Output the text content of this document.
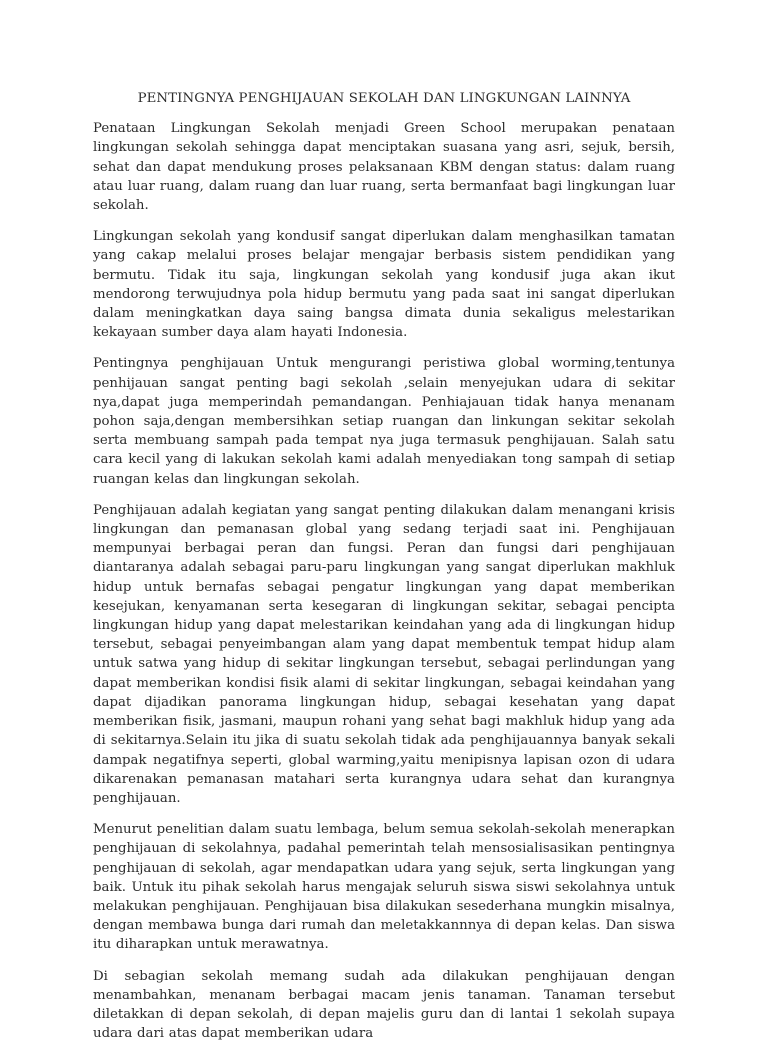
PENTINGNYA PENGHIJAUAN SEKOLAH DAN LINGKUNGAN LAINNYA

Penataan Lingkungan Sekolah menjadi Green School merupakan penataan lingkungan sekolah sehingga dapat menciptakan suasana yang asri, sejuk, bersih, sehat dan dapat mendukung proses pelaksanaan KBM dengan status: dalam ruang atau luar ruang, dalam ruang dan luar ruang, serta bermanfaat bagi lingkungan luar sekolah.

Lingkungan sekolah yang kondusif sangat diperlukan dalam menghasilkan tamatan yang cakap melalui proses belajar mengajar berbasis sistem pendidikan yang bermutu. Tidak itu saja, lingkungan sekolah yang kondusif juga akan ikut mendorong terwujudnya pola hidup bermutu yang pada saat ini sangat diperlukan dalam meningkatkan daya saing bangsa dimata dunia sekaligus melestarikan kekayaan sumber daya alam hayati Indonesia.

Pentingnya penghijauan Untuk mengurangi peristiwa global worming,tentunya penhijauan sangat penting bagi sekolah ,selain menyejukan udara di sekitar nya,dapat juga memperindah pemandangan. Penhiajauan tidak hanya menanam pohon saja,dengan membersihkan setiap ruangan dan linkungan sekitar sekolah serta membuang sampah pada tempat nya juga termasuk penghijauan. Salah satu cara kecil yang di lakukan sekolah kami adalah menyediakan tong sampah di setiap ruangan kelas dan lingkungan sekolah.

Penghijauan adalah kegiatan yang sangat penting dilakukan dalam menangani krisis lingkungan dan pemanasan global yang sedang terjadi saat ini. Penghijauan mempunyai berbagai peran dan fungsi. Peran dan fungsi dari penghijauan diantaranya adalah sebagai paru-paru lingkungan yang sangat diperlukan makhluk hidup untuk bernafas sebagai pengatur lingkungan yang dapat memberikan kesejukan, kenyamanan serta kesegaran di lingkungan sekitar, sebagai pencipta lingkungan hidup yang dapat melestarikan keindahan yang ada di lingkungan hidup tersebut, sebagai penyeimbangan alam yang dapat membentuk tempat hidup alam untuk satwa yang hidup di sekitar lingkungan tersebut, sebagai perlindungan yang dapat memberikan kondisi fisik alami di sekitar lingkungan, sebagai keindahan yang dapat dijadikan panorama lingkungan hidup, sebagai kesehatan yang dapat memberikan fisik, jasmani, maupun rohani yang sehat bagi makhluk hidup yang ada di sekitarnya.Selain itu jika di suatu sekolah tidak ada penghijauannya banyak sekali dampak negatifnya seperti, global warming,yaitu menipisnya lapisan ozon di udara dikarenakan pemanasan matahari serta kurangnya udara sehat dan kurangnya penghijauan.

Menurut penelitian dalam suatu lembaga, belum semua sekolah-sekolah menerapkan penghijauan di sekolahnya, padahal pemerintah telah mensosialisasikan pentingnya penghijauan di sekolah, agar mendapatkan udara yang sejuk, serta lingkungan yang baik. Untuk itu pihak sekolah harus mengajak seluruh siswa siswi sekolahnya untuk melakukan penghijauan. Penghijauan bisa dilakukan sesederhana mungkin misalnya, dengan membawa bunga dari rumah dan meletakkannnya di depan kelas. Dan siswa itu diharapkan untuk merawatnya.

Di sebagian sekolah memang sudah ada dilakukan penghijauan dengan menambahkan, menanam berbagai macam jenis tanaman. Tanaman tersebut diletakkan di depan sekolah, di depan majelis guru dan di lantai 1 sekolah supaya udara dari atas dapat memberikan udara
